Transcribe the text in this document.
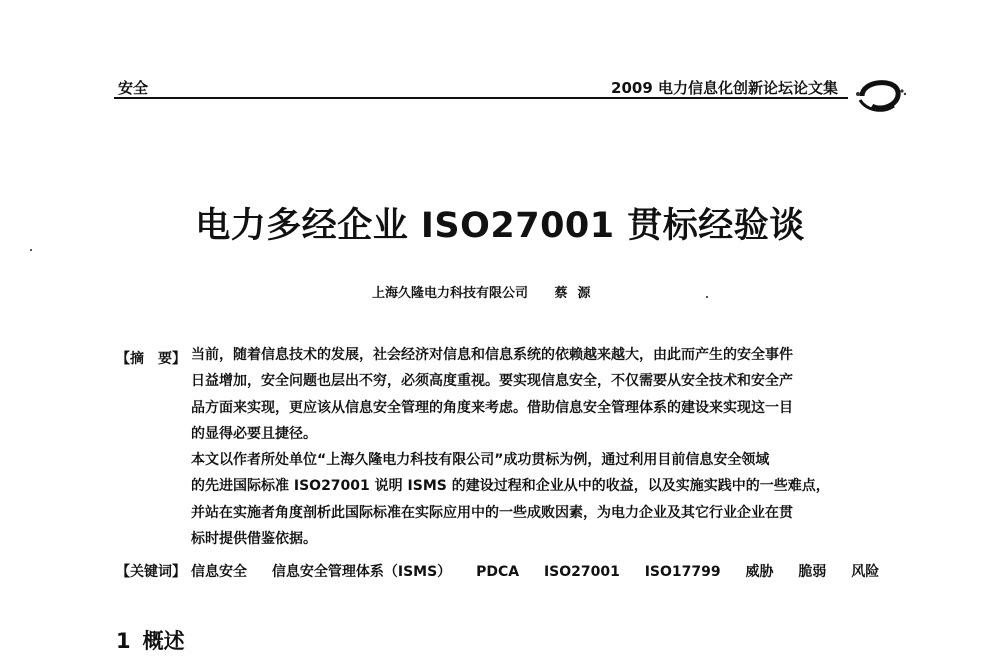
安全	2009 电力信息化创新论坛论文集
电力多经企业 ISO27001 贯标经验谈
上海久隆电力科技有限公司 蔡源
【摘　要】 当前，随着信息技术的发展，社会经济对信息和信息系统的依赖越来越大，由此而产生的安全事件
日益增加，安全问题也层出不穷，必须高度重视。要实现信息安全，不仅需要从安全技术和安全产
品方面来实现，更应该从信息安全管理的角度来考虑。借助信息安全管理体系的建设来实现这一目
的显得必要且捷径。
本文以作者所处单位“上海久隆电力科技有限公司”成功贯标为例，通过利用目前信息安全领域
的先进国际标准 ISO27001 说明 ISMS 的建设过程和企业从中的收益，以及实施实践中的一些难点，
并站在实施者角度剖析此国际标准在实际应用中的一些成败因素，为电力企业及其它行业企业在贯
标时提供借鉴依据。
【关键词】 信息安全 信息安全管理体系（ISMS） PDCA ISO27001 ISO17799 威胁 脆弱 风险
1 概述
